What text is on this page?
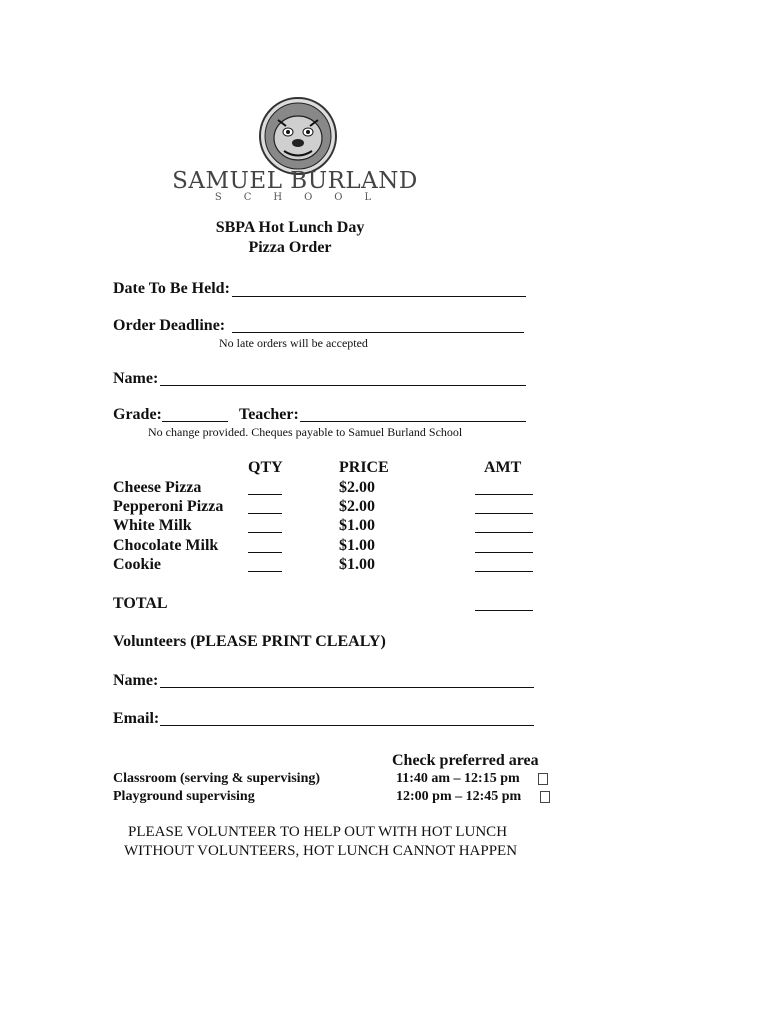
SAMUEL BURLAND
SCHOOL
SBPA Hot Lunch Day
Pizza Order
Date To Be Held:
Order Deadline:
No late orders will be accepted
Name:
Grade:	Teacher:
No change provided. Cheques payable to Samuel Burland School
QTY	PRICE	AMT
Cheese Pizza	$2.00
Pepperoni Pizza	$2.00
White Milk	$1.00
Chocolate Milk	$1.00
Cookie	$1.00
TOTAL
Volunteers (PLEASE PRINT CLEALY)
Name:
Email:
Check preferred area
Classroom (serving & supervising)	11:40 am – 12:15 pm
Playground supervising	12:00 pm – 12:45 pm
PLEASE VOLUNTEER TO HELP OUT WITH HOT LUNCH
WITHOUT VOLUNTEERS, HOT LUNCH CANNOT HAPPEN
